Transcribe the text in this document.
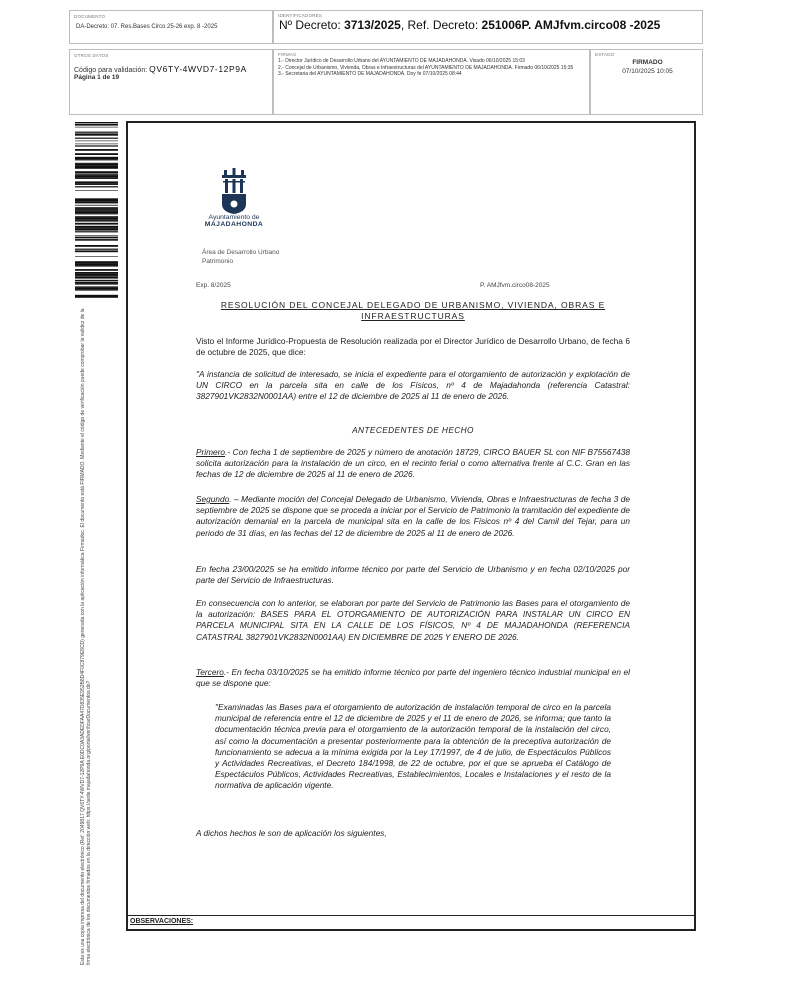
DOCUMENTO
DA-Decreto: 07. Res.Bases Circo 25-26 exp. 8 -2025
IDENTIFICADORES
Nº Decreto: 3713/2025, Ref. Decreto: 251006P. AMJfvm.circo08 -2025
OTROS DATOS
Código para validación: QV6TY-4WVD7-12P9A
Página 1 de 19
FIRMAS
1.- Director Jurídico de Desarrollo Urbano del AYUNTAMIENTO DE MAJADAHONDA. Visado 06/10/2025 15:03
2.- Concejal de Urbanismo, Vivienda, Obras e Infraestructuras del AYUNTAMIENTO DE MAJADAHONDA. Firmado 06/10/2025 15:35
3.- Secretaria del AYUNTAMIENTO DE MAJADAHONDA. Doy fe 07/10/2025 08:44
ESTADO
FIRMADO
07/10/2025 10:05
Esta es una copia impresa del documento electrónico (Ref: 2049817 QV6TY-4WVD7-12P9A E0DC0A3ADEDFAA47D835E952B8D4F0C879E8CD) generada con la aplicación informática Firmadoc. El documento está FIRMADO. Mediante el código de verificación puede comprobar la validez de la firma electrónica de los documentos firmados en la dirección web: https://sede.majadahonda.org/portal/verificarDocumentos.do?	OBSERVACIONES:
Ayuntamiento de
MAJADAHONDA
Área de Desarrollo Urbano
Patrimonio
Exp. 8/2025	P. AMJfvm.circo08-2025
RESOLUCIÓN DEL CONCEJAL DELEGADO DE URBANISMO, VIVIENDA, OBRAS E INFRAESTRUCTURAS
Visto el Informe Jurídico-Propuesta de Resolución realizada por el Director Jurídico de Desarrollo Urbano, de fecha 6 de octubre de 2025, que dice:
"A instancia de solicitud de interesado, se inicia el expediente para el otorgamiento de autorización y explotación de UN CIRCO en la parcela sita en calle de los Físicos, nº 4 de Majadahonda (referencia Catastral: 3827901VK2832N0001AA) entre el 12 de diciembre de 2025 al 11 de enero de 2026.
ANTECEDENTES DE HECHO
Primero.- Con fecha 1 de septiembre de 2025 y número de anotación 18729, CIRCO BAUER SL con NIF B75567438 solicita autorización para la instalación de un circo, en el recinto ferial o como alternativa frente al C.C. Gran en las fechas de 12 de diciembre de 2025 al 11 de enero de 2026.
Segundo. – Mediante moción del Concejal Delegado de Urbanismo, Vivienda, Obras e Infraestructuras de fecha 3 de septiembre de 2025 se dispone que se proceda a iniciar por el Servicio de Patrimonio la tramitación del expediente de autorización demanial en la parcela de municipal sita en la calle de los Físicos nº 4 del Camil del Tejar, para un periodo de 31 días, en las fechas del 12 de diciembre de 2025 al 11 de enero de 2026.
En fecha 23/00/2025 se ha emitido informe técnico por parte del Servicio de Urbanismo y en fecha 02/10/2025 por parte del Servicio de Infraestructuras.
En consecuencia con lo anterior, se elaboran por parte del Servicio de Patrimonio las Bases para el otorgamiento de la autorización: BASES PARA EL OTORGAMIENTO DE AUTORIZACIÓN PARA INSTALAR UN CIRCO EN PARCELA MUNICIPAL SITA EN LA CALLE DE LOS FÍSICOS, Nº 4 DE MAJADAHONDA (REFERENCIA CATASTRAL 3827901VK2832N0001AA) EN DICIEMBRE DE 2025 Y ENERO DE 2026.
Tercero.- En fecha 03/10/2025 se ha emitido informe técnico por parte del ingeniero técnico industrial municipal en el que se dispone que:
"Examinadas las Bases para el otorgamiento de autorización de instalación temporal de circo en la parcela municipal de referencia entre el 12 de diciembre de 2025 y el 11 de enero de 2026, se informa; que tanto la documentación técnica previa para el otorgamiento de la autorización temporal de la instalación del circo, así como la documentación a presentar posteriormente para la obtención de la preceptiva autorización de funcionamiento se adecua a la mínima exigida por la Ley 17/1997, de 4 de julio, de Espectáculos Públicos y Actividades Recreativas, el Decreto 184/1998, de 22 de octubre, por el que se aprueba el Catálogo de Espectáculos Públicos, Actividades Recreativas, Establecimientos, Locales e Instalaciones y el resto de la normativa de aplicación vigente.
A dichos hechos le son de aplicación los siguientes,
